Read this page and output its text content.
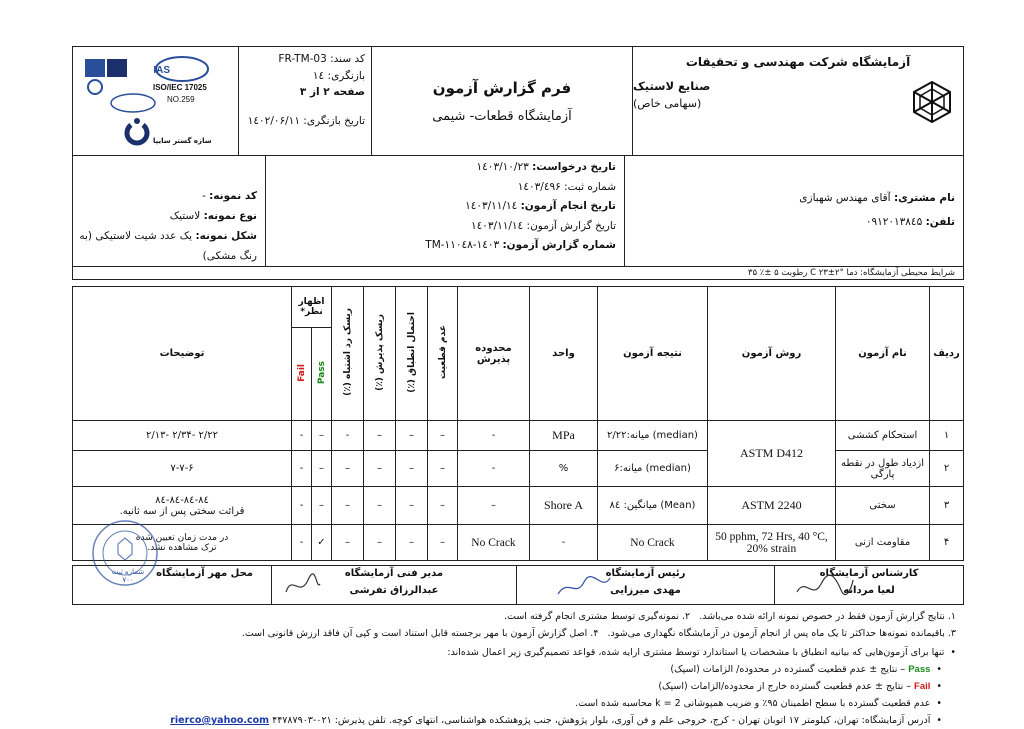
آزمایشگاه شرکت مهندسی و تحقیقات
صنایع لاستیک
(سهامی خاص)
فرم گزارش آزمون
آزمایشگاه قطعات- شیمی
کد سند: FR-TM-03
بازنگری: ۱٤
صفحه ۲ از ۳
تاریخ بازنگری: ۱٤۰۲/۰۶/۱۱
IAS
ISO/IEC 17025
NO.259
سازه گستر سایپا
نام مشتری: آقای مهندس شهبازی
تلفن: ۰۹۱۲۰۱۳۸٤۵
تاریخ درخواست: ۱٤۰۳/۱۰/۲۳
شماره ثبت: ۱٤۰۳/٤۹۶
تاریخ انجام آزمون: ۱٤۰۳/۱۱/۱٤
تاریخ گزارش آزمون: ۱٤۰۳/۱۱/۱٤
شماره گزارش آزمون: ۱٤۰۳-TM-۱۱۰٤۸
کد نمونه: -
نوع نمونه: لاستیک
شکل نمونه: یک عدد شیت لاستیکی (به رنگ مشکی)
شرایط محیطی آزمایشگاه: دما °C ۲۳±۲ رطوبت ۵ ±٪ ۳۵
ردیف	نام آزمون	روش آزمون	نتیجه آزمون	واحد	محدوده پذیرش	عدم قطعیت	احتمال انطباق (٪)	ریسک پذیرش (٪)	ریسک رد اشتباه (٪)	اظهار نظر*		توضیحات
										Pass	Fail	
۱	استحکام کششی	ASTM D412	(median) میانه:۲/۲۲	MPa	-	–	–	–	-	–	-	۲/۲۲ -۲/۳۴ -۲/۱۳
۲	ازدیاد طول در نقطه پارگی		(median) میانه:۶	%	-	–	–	–	–	–	-	۷-۷-۶
۳	سختی	ASTM 2240	(Mean) میانگین: ۸٤	Shore A	–	–	–	–	–	–	-	۸٤-۸٤-۸٤-۸٤
قرائت سختی پس از سه ثانیه.

۴	مقاومت ازنی	50 pphm, 72 Hrs, 40 °C, 20% strain	No Crack	-	No Crack	–	–	–	–	✓	-	در مدت زمان تعیین شده
ترک مشاهده نشد.
کارشناس آزمایشگاه
لعیا مردانه
رئیس آزمایشگاه
مهدی میرزایی
مدیر فنی آزمایشگاه
عبدالرزاق تفرشی
محل مهر آزمایشگاه
شماره ثبت ۷۰۰
۱. نتایج گزارش آزمون فقط در خصوص نمونه ارائه شده می‌باشد.   ۲. نمونه‌گیری توسط مشتری انجام گرفته است.
۳. باقیمانده نمونه‌ها حداکثر تا یک ماه پس از انجام آزمون در آزمایشگاه نگهداری می‌شود.   ۴. اصل گزارش آزمون با مهر برجسته قابل استناد است و کپی آن فاقد ارزش قانونی است.
• تنها برای آزمون‌هایی که بیانیه انطباق با مشخصات یا استاندارد توسط مشتری ارایه شده، قواعد تصمیم‌گیری زیر اعمال شده‌اند:
• Pass – نتایج ± عدم قطعیت گسترده در محدوده/ الزامات (اسپک)
• Fail – نتایج ± عدم قطعیت گسترده خارج از محدوده/الزامات (اسپک)
• عدم قطعیت گسترده با سطح اطمینان ۹۵٪ و ضریب همپوشانی k = 2 محاسبه شده است.
• آدرس آزمایشگاه: تهران، کیلومتر ۱۷ اتوبان تهران - کرج، خروجی علم و فن آوری، بلوار پژوهش، جنب پژوهشکده هواشناسی، انتهای کوچه. تلفن پذیرش: ۰۲۱-۴۴۷۸۷۹۰۳ rierco@yahoo.com
